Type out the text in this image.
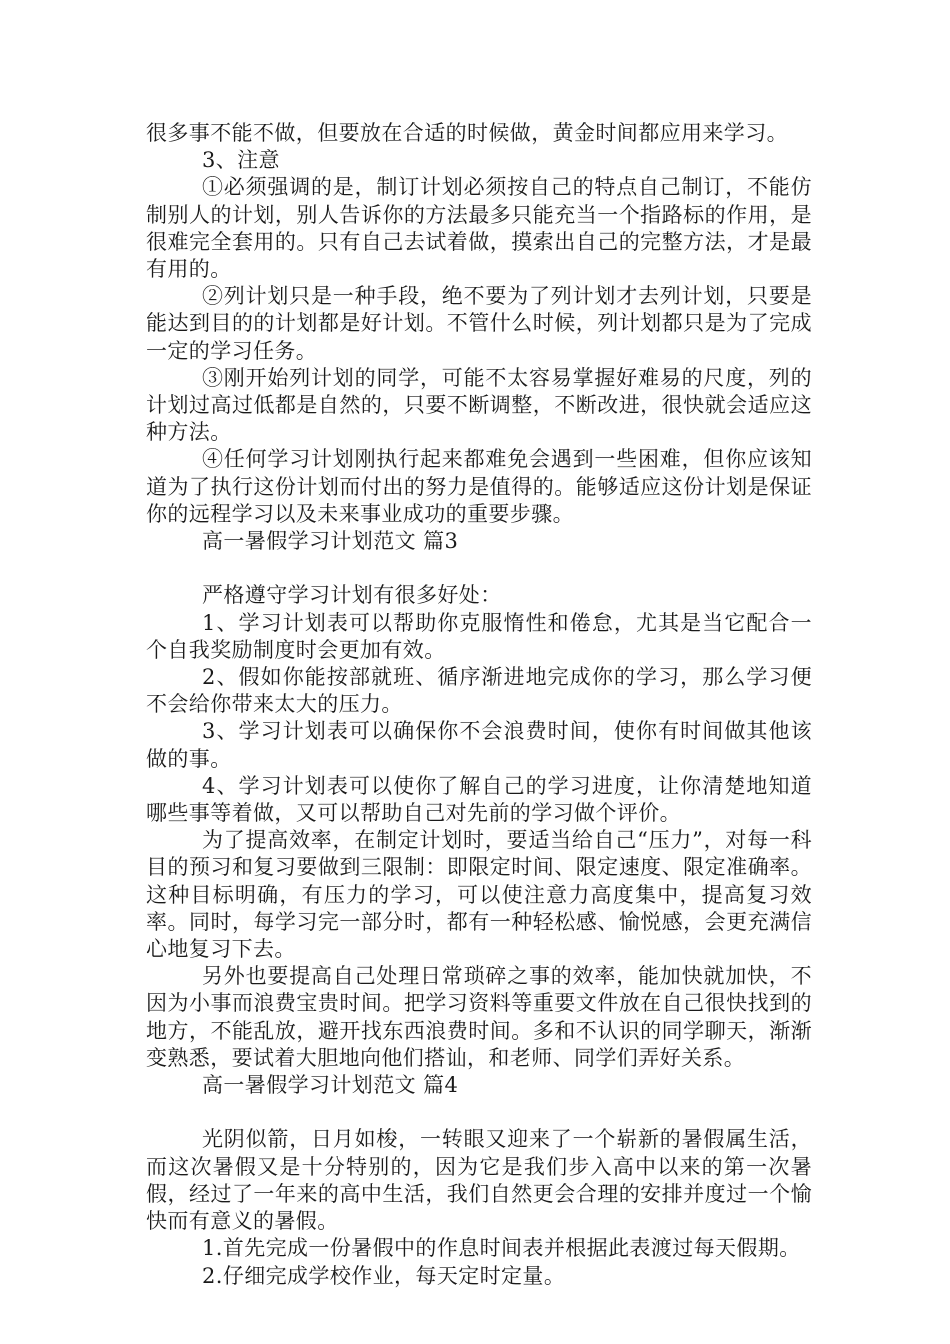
很多事不能不做，但要放在合适的时候做，黄金时间都应用来学习。

3、注意

①必须强调的是，制订计划必须按自己的特点自己制订，不能仿制别人的计划，别人告诉你的方法最多只能充当一个指路标的作用，是很难完全套用的。只有自己去试着做，摸索出自己的完整方法，才是最有用的。

②列计划只是一种手段，绝不要为了列计划才去列计划，只要是能达到目的的计划都是好计划。不管什么时候，列计划都只是为了完成一定的学习任务。

③刚开始列计划的同学，可能不太容易掌握好难易的尺度，列的计划过高过低都是自然的，只要不断调整，不断改进，很快就会适应这种方法。

④任何学习计划刚执行起来都难免会遇到一些困难，但你应该知道为了执行这份计划而付出的努力是值得的。能够适应这份计划是保证你的远程学习以及未来事业成功的重要步骤。

高一暑假学习计划范文 篇3

严格遵守学习计划有很多好处：

1、学习计划表可以帮助你克服惰性和倦怠，尤其是当它配合一个自我奖励制度时会更加有效。

2、假如你能按部就班、循序渐进地完成你的学习，那么学习便不会给你带来太大的压力。

3、学习计划表可以确保你不会浪费时间，使你有时间做其他该做的事。

4、学习计划表可以使你了解自己的学习进度，让你清楚地知道哪些事等着做，又可以帮助自己对先前的学习做个评价。

为了提高效率，在制定计划时，要适当给自己“压力”，对每一科目的预习和复习要做到三限制：即限定时间、限定速度、限定准确率。这种目标明确，有压力的学习，可以使注意力高度集中，提高复习效率。同时，每学习完一部分时，都有一种轻松感、愉悦感，会更充满信心地复习下去。

另外也要提高自己处理日常琐碎之事的效率，能加快就加快，不因为小事而浪费宝贵时间。把学习资料等重要文件放在自己很快找到的地方，不能乱放，避开找东西浪费时间。多和不认识的同学聊天，渐渐变熟悉，要试着大胆地向他们搭讪，和老师、同学们弄好关系。

高一暑假学习计划范文 篇4

光阴似箭，日月如梭，一转眼又迎来了一个崭新的暑假属生活，而这次暑假又是十分特别的，因为它是我们步入高中以来的第一次暑假，经过了一年来的高中生活，我们自然更会合理的安排并度过一个愉快而有意义的暑假。

1.首先完成一份暑假中的作息时间表并根据此表渡过每天假期。

2.仔细完成学校作业，每天定时定量。
